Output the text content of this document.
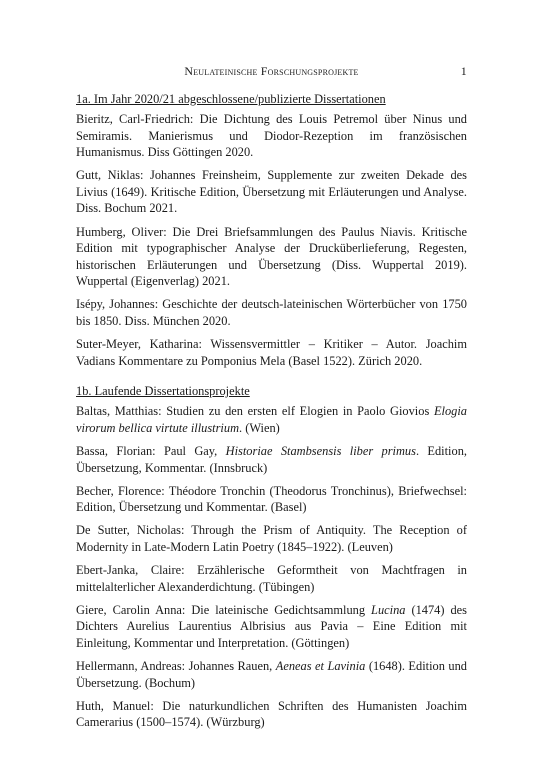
Neulateinische Forschungsprojekte	1
1a. Im Jahr 2020/21 abgeschlossene/publizierte Dissertationen

Bieritz, Carl-Friedrich: Die Dichtung des Louis Petremol über Ninus und Semiramis. Manierismus und Diodor-Rezeption im französischen Humanismus. Diss Göttingen 2020.

Gutt, Niklas: Johannes Freinsheim, Supplemente zur zweiten Dekade des Livius (1649). Kritische Edition, Übersetzung mit Erläuterungen und Analyse. Diss. Bochum 2021.

Humberg, Oliver: Die Drei Briefsammlungen des Paulus Niavis. Kritische Edition mit typographischer Analyse der Drucküberlieferung, Regesten, historischen Erläuterungen und Übersetzung (Diss. Wuppertal 2019). Wuppertal (Eigenverlag) 2021.

Isépy, Johannes: Geschichte der deutsch-lateinischen Wörterbücher von 1750 bis 1850. Diss. München 2020.

Suter-Meyer, Katharina: Wissensvermittler – Kritiker – Autor. Joachim Vadians Kommentare zu Pomponius Mela (Basel 1522). Zürich 2020.

1b. Laufende Dissertationsprojekte

Baltas, Matthias: Studien zu den ersten elf Elogien in Paolo Giovios Elogia virorum bellica virtute illustrium. (Wien)

Bassa, Florian: Paul Gay, Historiae Stambsensis liber primus. Edition, Übersetzung, Kommentar. (Innsbruck)

Becher, Florence: Théodore Tronchin (Theodorus Tronchinus), Briefwechsel: Edition, Übersetzung und Kommentar. (Basel)

De Sutter, Nicholas: Through the Prism of Antiquity. The Reception of Modernity in Late-Modern Latin Poetry (1845–1922). (Leuven)

Ebert-Janka, Claire: Erzählerische Geformtheit von Machtfragen in mittelalterlicher Alexanderdichtung. (Tübingen)

Giere, Carolin Anna: Die lateinische Gedichtsammlung Lucina (1474) des Dichters Aurelius Laurentius Albrisius aus Pavia – Eine Edition mit Einleitung, Kommentar und Interpretation. (Göttingen)

Hellermann, Andreas: Johannes Rauen, Aeneas et Lavinia (1648). Edition und Übersetzung. (Bochum)

Huth, Manuel: Die naturkundlichen Schriften des Humanisten Joachim Camerarius (1500–1574). (Würzburg)
